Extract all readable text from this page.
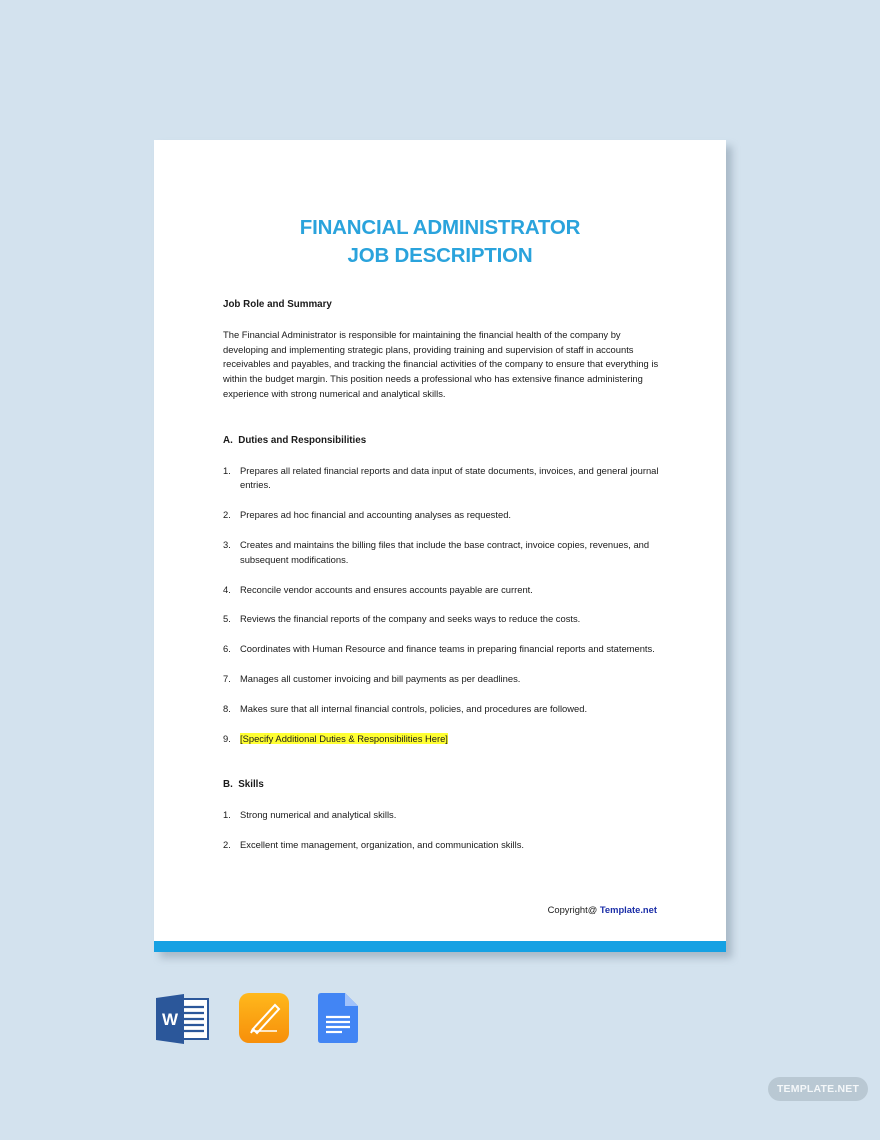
FINANCIAL ADMINISTRATOR
JOB DESCRIPTION
Job Role and Summary
The Financial Administrator is responsible for maintaining the financial health of the company by developing and implementing strategic plans, providing training and supervision of staff in accounts receivables and payables, and tracking the financial activities of the company to ensure that everything is within the budget margin. This position needs a professional who has extensive finance administering experience with strong numerical and analytical skills.
A.  Duties and Responsibilities
1. Prepares all related financial reports and data input of state documents, invoices, and general journal entries.
2. Prepares ad hoc financial and accounting analyses as requested.
3. Creates and maintains the billing files that include the base contract, invoice copies, revenues, and subsequent modifications.
4. Reconcile vendor accounts and ensures accounts payable are current.
5. Reviews the financial reports of the company and seeks ways to reduce the costs.
6. Coordinates with Human Resource and finance teams in preparing financial reports and statements.
7. Manages all customer invoicing and bill payments as per deadlines.
8. Makes sure that all internal financial controls, policies, and procedures are followed.
9. [Specify Additional Duties & Responsibilities Here]
B.  Skills
1. Strong numerical and analytical skills.
2. Excellent time management, organization, and communication skills.
Copyright@ Template.net
W
TEMPLATE.NET
